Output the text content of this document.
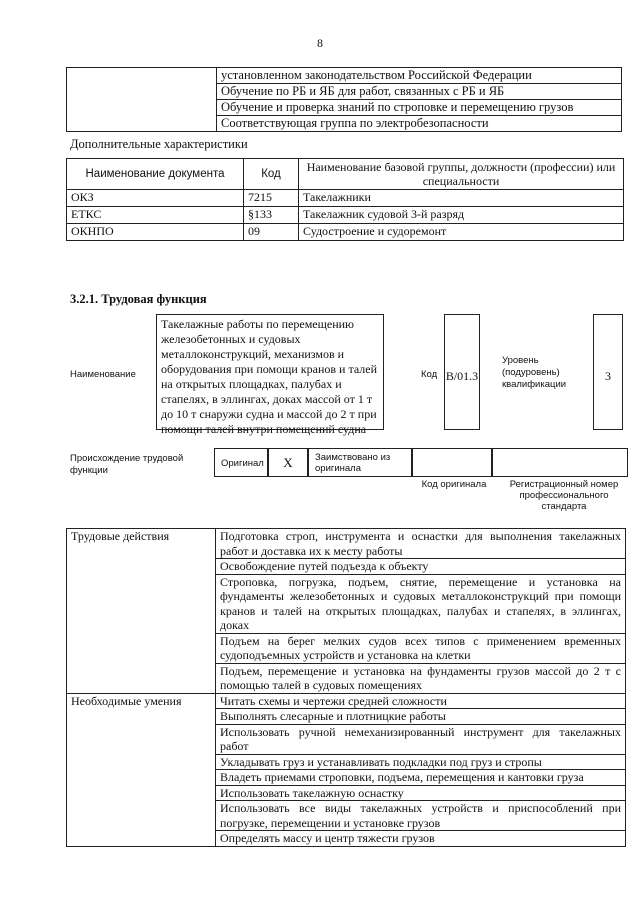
8

установленном законодательством Российской Федерации
Обучение по РБ и ЯБ для работ, связанных с РБ и ЯБ
Обучение и проверка знаний по строповке и перемещению грузов
Соответствующая группа по электробезопасности
Дополнительные характеристики
Наименование документа	Код	Наименование базовой группы, должности (профессии) или специальности
ОКЗ	7215	Такелажники
ЕТКС	§133	Такелажник судовой 3-й разряд
ОКНПО	09	Судостроение и судоремонт
3.2.1. Трудовая функция
Наименование
Такелажные работы по перемещению железобетонных и судовых металлоконструкций, механизмов и оборудования при помощи кранов и талей на открытых площадках, палубах и стапелях, в эллингах, доках массой от 1 т до 10 т снаружи судна и массой до 2 т при помощи талей внутри помещений судна
Код В/01.3
Уровень (подуровень) квалификации
3
Происхождение трудовой функции
Оригинал	X	Заимствовано из оригинала
Код оригинала	Регистрационный номер профессионального стандарта
Трудовые действия	Подготовка строп, инструмента и оснастки для выполнения такелажных работ и доставка их к месту работы
	Освобождение путей подъезда к объекту
	Строповка, погрузка, подъем, снятие, перемещение и установка на фундаменты железобетонных и судовых металлоконструкций при помощи кранов и талей на открытых площадках, палубах и стапелях, в эллингах, доках
	Подъем на берег мелких судов всех типов с применением временных судоподъемных устройств и установка на клетки
	Подъем, перемещение и установка на фундаменты грузов массой до 2 т с помощью талей в судовых помещениях
Необходимые умения	Читать схемы и чертежи средней сложности
	Выполнять слесарные и плотницкие работы
	Использовать ручной немеханизированный инструмент для такелажных работ
	Укладывать груз и устанавливать подкладки под груз и стропы
	Владеть приемами строповки, подъема, перемещения и кантовки груза
	Использовать такелажную оснастку
	Использовать все виды такелажных устройств и приспособлений при погрузке, перемещении и установке грузов
	Определять массу и центр тяжести грузов
